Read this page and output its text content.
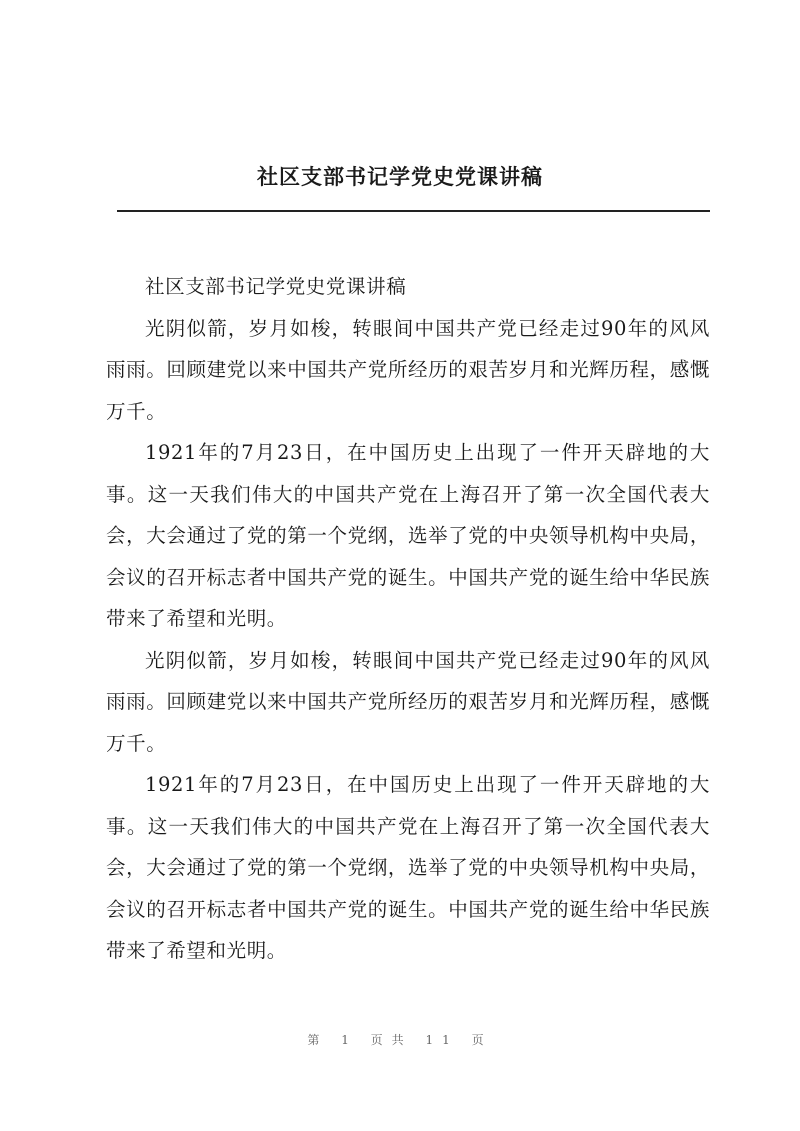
社区支部书记学党史党课讲稿

社区支部书记学党史党课讲稿

光阴似箭，岁月如梭，转眼间中国共产党已经走过90年的风风雨雨。回顾建党以来中国共产党所经历的艰苦岁月和光辉历程，感慨万千。

1921年的7月23日，在中国历史上出现了一件开天辟地的大事。这一天我们伟大的中国共产党在上海召开了第一次全国代表大会，大会通过了党的第一个党纲，选举了党的中央领导机构中央局，会议的召开标志者中国共产党的诞生。中国共产党的诞生给中华民族带来了希望和光明。

光阴似箭，岁月如梭，转眼间中国共产党已经走过90年的风风雨雨。回顾建党以来中国共产党所经历的艰苦岁月和光辉历程，感慨万千。

1921年的7月23日，在中国历史上出现了一件开天辟地的大事。这一天我们伟大的中国共产党在上海召开了第一次全国代表大会，大会通过了党的第一个党纲，选举了党的中央领导机构中央局，会议的召开标志者中国共产党的诞生。中国共产党的诞生给中华民族带来了希望和光明。

第 1 页共 11 页
